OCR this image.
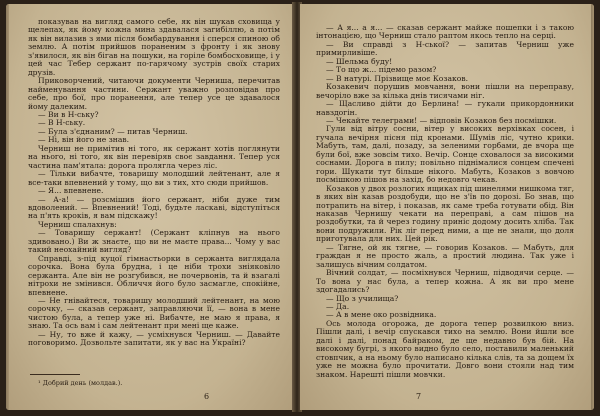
показував на вигляд самого себе, як він шукав сховища у щелепах, як йому кожна мина здавалася загибіллю, а потім як він вилазив з ями після бомбардування і сперся спиною об землю. А потім прийшов пораненим з фронту і як знову з'явилося, як він бігав на пошуки, на горіле бомбосховище, і у цей час Тебер сержант по-гарячому зустрів своїх старих друзів.

Приковорчений, читаючи документи Черниша, перечитав найменування частини. Сержант уважно розповідав про себе, про бої, про поранення, але тепер усе це здавалося йому далеким.

— Ви в Н-ську?

— В Н-ську.

— Була з'єднаним? — питав Черниш.

— Ні, він його не знав.

Черниш не примітив ні того, як сержант хотів поглянути на нього, ні того, як він перевіряв своє завдання. Тепер уся частина пам'ятала: дорога пролягла через ліс.

— Тільки вибачте, товаришу молодший лейтенант, але я все-таки впевнений у тому, що ви з тих, хто сюди прийшов.

— Я... впевнене.

— А-а! — розсмішив його сержант, ніби дуже тим вдоволений. — Впевнений! Тоді, будьте ласкаві, відступіться на п'ять кроків, я вам підскажу!

Черниш спалахнув:

— Товаришу сержант! (Сержант кліпнув на нього здивовано.) Ви ж знаєте, що ви не маєте права... Чому у вас такий неохайний вигляд?

Справді, з-під куцої гімнастьорки в сержанта виглядала сорочка. Вона була брудна, і це ніби трохи зніяковіло сержанта. Але він не розгубився, не почервонів, та й взагалі нітрохи не змінився. Обличчя його було засмагле, спокійне, впевнене.

— Не гнівайтеся, товаришу молодший лейтенант, на мою сорочку, — сказав сержант, заправляючи її, — вона в мене чистою була, а тепер уже ні. Вибачте, не маю я права, я знаю. Та ось вам і сам лейтенант при мені ще каже.

— Ну, то вже й кажу, — усміхнувся Черниш. — Давайте поговоримо. Дозвольте запитати, як у вас на Україні?

¹ Добрий день (молдав.).
6

— А я... а я... — сказав сержант майже пошепки і з такою інтонацією, що Черниш стало раптом якось тепло на серці.

— Ви справді з Н-ської? — запитав Черниш уже примирливіше.

— Шельма буду!

— То що ж... підемо разом?

— В натурі. Прізвище моє Козаков.

Козакевич порушив мовчання, вони пішли на переправу, вечоріло вже за кілька днів тисячами ніг.

— Щасливо дійти до Берлина! — гукали прикордонники навздогін.

— Чекайте телеграми! — відповів Козаков без посмішки.

Гули від вітру сосни, вітер у високих верхівках сосен, і гучала вечірня пісня під кронами. Шумів ліс, чутно крики. Мабуть, там, далі, позаду, за зеленими горбами, де вчора ще були бої, вже зовсім тихо. Вечір. Сонце сховалося за високими соснами. Дорога в пилу; повільно піднімалися сонцем спечені гори. Шукати тут більше нікого. Мабуть, Козаков з вовчою посмішкою пішов на захід, бо недовго чекав.

Козаков у двох розлогих ящиках під шинелями нишкома тяг, в яких він казав роздобуди, що не з'їв по дорозі. Бо знав, що потрапить на вітер, і показав, як саме треба готувати обід. Він наказав Чернишу чекати на переправі, а сам пішов на роздобутки, та й через годину приніс додому досить хліба. Так вони подружили. Рік ліг перед ними, а ще не знали, що доля приготувала для них. Цей рік.

— Тягне, ой як тягне, — говорив Козаков. — Мабуть, для граждан я не просто жаль, а простий людина. Так уже і залишусь вічним солдатом.

Вічний солдат, — посміхнувся Черниш, підводячи серце. — То вона у нас була, а тепер кожна. А як ви про мене здогадались?

— Що з училища?

— Да.

— А в мене око розвідника.

Ось молода огорожа, де дорога тепер розвилкою вниз. Пішли далі, і вечір спускався тихо на землю. Вони йшли все далі і далі, понад байраком, де ще недавно був бій. На високому бугрі, з якого видно було село, поставили маленький стовпчик, а на ньому було написано кілька слів, та за дощем їх уже не можна було прочитати. Довго вони стояли над тим знаком. Нарешті пішли мовчки.

7
